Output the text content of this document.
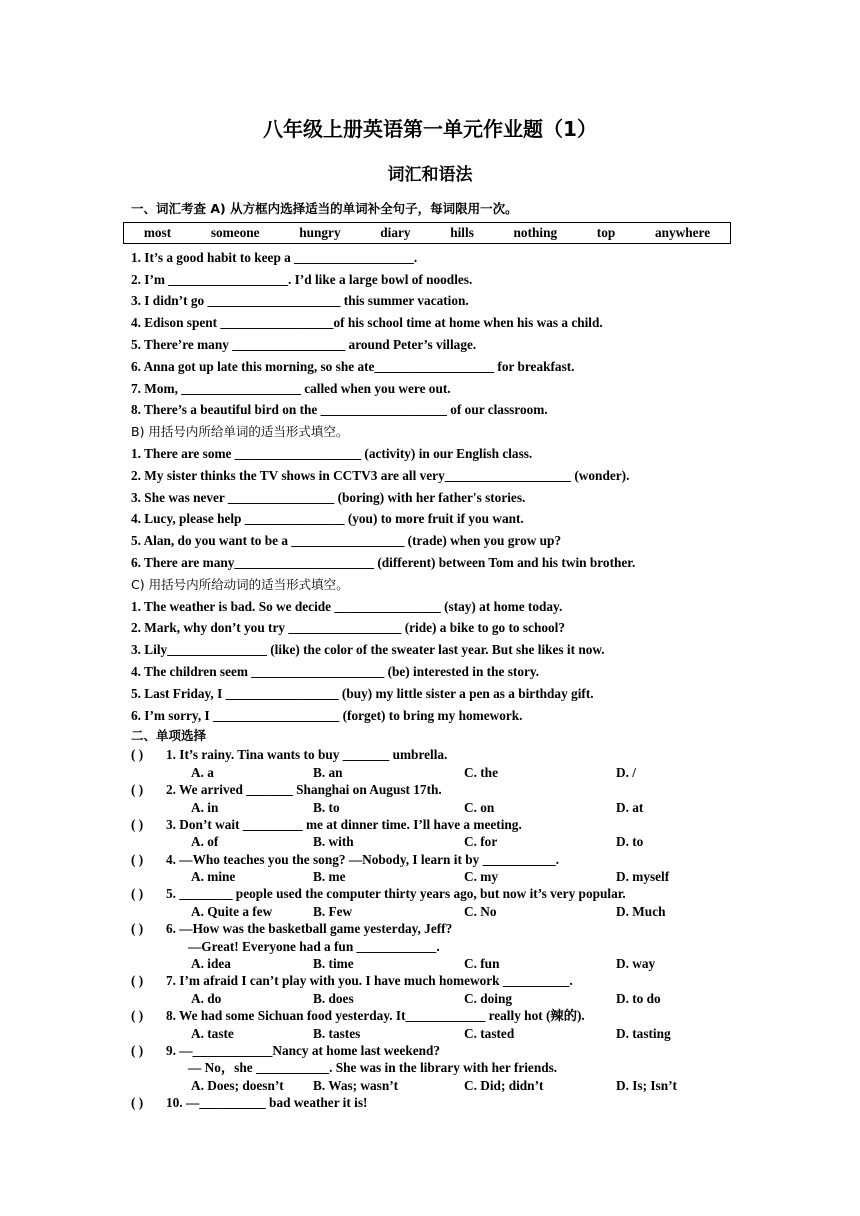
八年级上册英语第一单元作业题（1）
词汇和语法
一、词汇考查 A) 从方框内选择适当的单词补全句子，每词限用一次。
most	someone	hungry	diary	hills	nothing	top	anywhere
1. It’s a good habit to keep a __________________.
2. I’m __________________. I’d like a large bowl of noodles.
3. I didn’t go ____________________ this summer vacation.
4. Edison spent _________________of his school time at home when his was a child.
5. There’re many _________________ around Peter’s village.
6. Anna got up late this morning, so she ate__________________ for breakfast.
7. Mom, __________________ called when you were out.
8. There’s a beautiful bird on the ___________________ of our classroom.
B) 用括号内所给单词的适当形式填空。
1. There are some ___________________ (activity) in our English class.
2. My sister thinks the TV shows in CCTV3 are all very___________________ (wonder).
3. She was never ________________ (boring) with her father's stories.
4. Lucy, please help _______________ (you) to more fruit if you want.
5. Alan, do you want to be a _________________ (trade) when you grow up?
6. There are many_____________________ (different) between Tom and his twin brother.
C) 用括号内所给动词的适当形式填空。
1. The weather is bad. So we decide ________________ (stay) at home today.
2. Mark, why don’t you try _________________ (ride) a bike to go to school?
3. Lily_______________ (like) the color of the sweater last year. But she likes it now.
4. The children seem ____________________ (be) interested in the story.
5. Last Friday, I _________________ (buy) my little sister a pen as a birthday gift.
6. I’m sorry, I ___________________ (forget) to bring my homework.
二、单项选择
( ) 1. It’s rainy. Tina wants to buy _______ umbrella.
A. a	B. an	C. the	D. /
( ) 2. We arrived _______ Shanghai on August 17th.
A. in	B. to	C. on	D. at
( ) 3. Don’t wait _________ me at dinner time. I’ll have a meeting.
A. of	B. with	C. for	D. to
( ) 4. —Who teaches you the song? —Nobody, I learn it by ___________.
A. mine	B. me	C. my	D. myself
( ) 5. ________ people used the computer thirty years ago, but now it’s very popular.
A. Quite a few	B. Few	C. No	D. Much
( ) 6. —How was the basketball game yesterday, Jeff?
—Great! Everyone had a fun ____________.
A. idea	B. time	C. fun	D. way
( ) 7. I’m afraid I can’t play with you. I have much homework __________.
A. do	B. does	C. doing	D. to do
( ) 8. We had some Sichuan food yesterday. It____________ really hot (辣的).
A. taste	B. tastes	C. tasted	D. tasting
( ) 9. —____________Nancy at home last weekend?
— No，she ___________. She was in the library with her friends.
A. Does; doesn’t B. Was; wasn’t	C. Did; didn’t	D. Is; Isn’t
( ) 10. —__________ bad weather it is!
